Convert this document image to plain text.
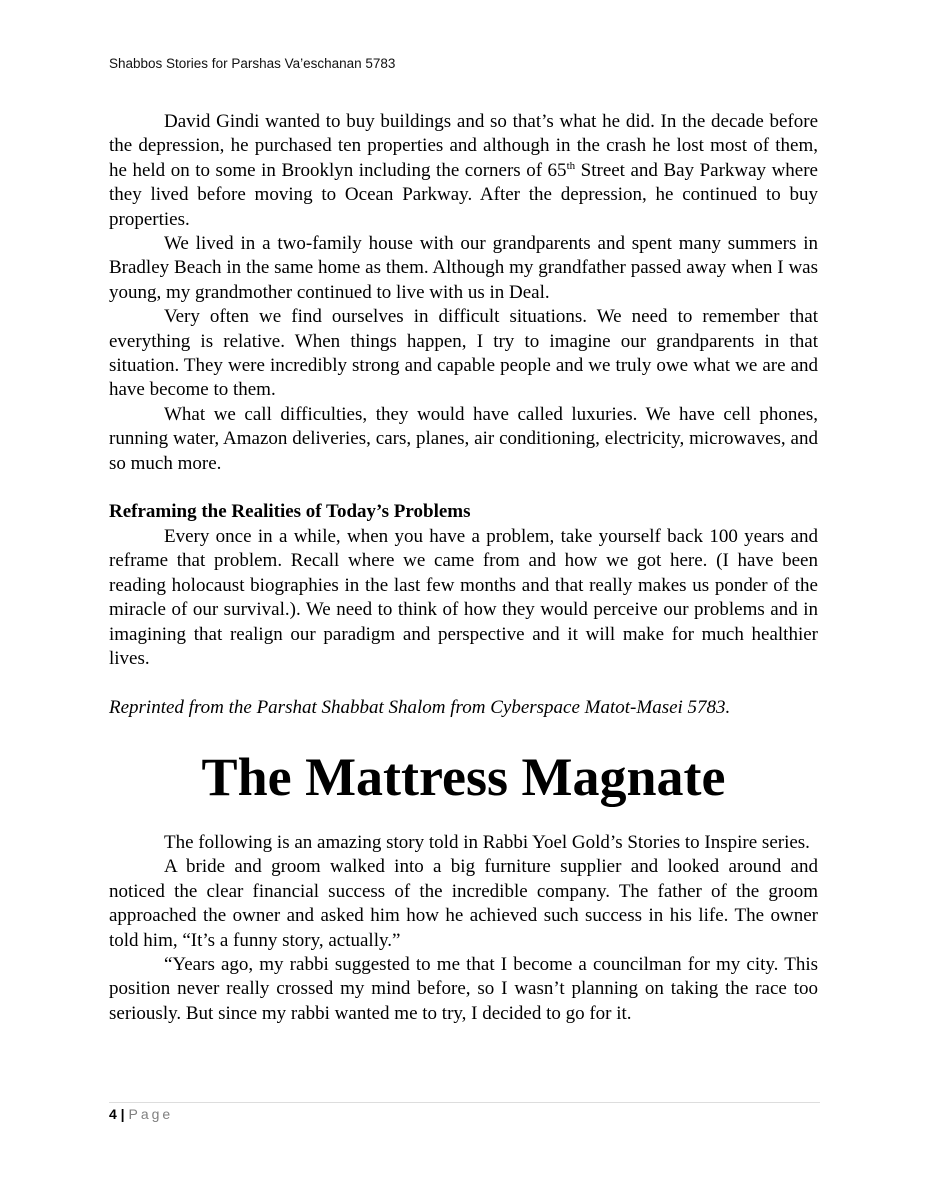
Shabbos Stories for Parshas Va’eschanan 5783

David Gindi wanted to buy buildings and so that’s what he did. In the decade before the depression, he purchased ten properties and although in the crash he lost most of them, he held on to some in Brooklyn including the corners of 65th Street and Bay Parkway where they lived before moving to Ocean Parkway. After the depression, he continued to buy properties.

We lived in a two-family house with our grandparents and spent many summers in Bradley Beach in the same home as them. Although my grandfather passed away when I was young, my grandmother continued to live with us in Deal.

Very often we find ourselves in difficult situations. We need to remember that everything is relative. When things happen, I try to imagine our grandparents in that situation. They were incredibly strong and capable people and we truly owe what we are and have become to them.

What we call difficulties, they would have called luxuries. We have cell phones, running water, Amazon deliveries, cars, planes, air conditioning, electricity, microwaves, and so much more.

Reframing the Realities of Today’s Problems

Every once in a while, when you have a problem, take yourself back 100 years and reframe that problem. Recall where we came from and how we got here. (I have been reading holocaust biographies in the last few months and that really makes us ponder of the miracle of our survival.). We need to think of how they would perceive our problems and in imagining that realign our paradigm and perspective and it will make for much healthier lives.

Reprinted from the Parshat Shabbat Shalom from Cyberspace Matot-Masei 5783.

The Mattress Magnate

The following is an amazing story told in Rabbi Yoel Gold’s Stories to Inspire series.

A bride and groom walked into a big furniture supplier and looked around and noticed the clear financial success of the incredible company. The father of the groom approached the owner and asked him how he achieved such success in his life. The owner told him, “It’s a funny story, actually.”

“Years ago, my rabbi suggested to me that I become a councilman for my city. This position never really crossed my mind before, so I wasn’t planning on taking the race too seriously. But since my rabbi wanted me to try, I decided to go for it.

4 | Page
